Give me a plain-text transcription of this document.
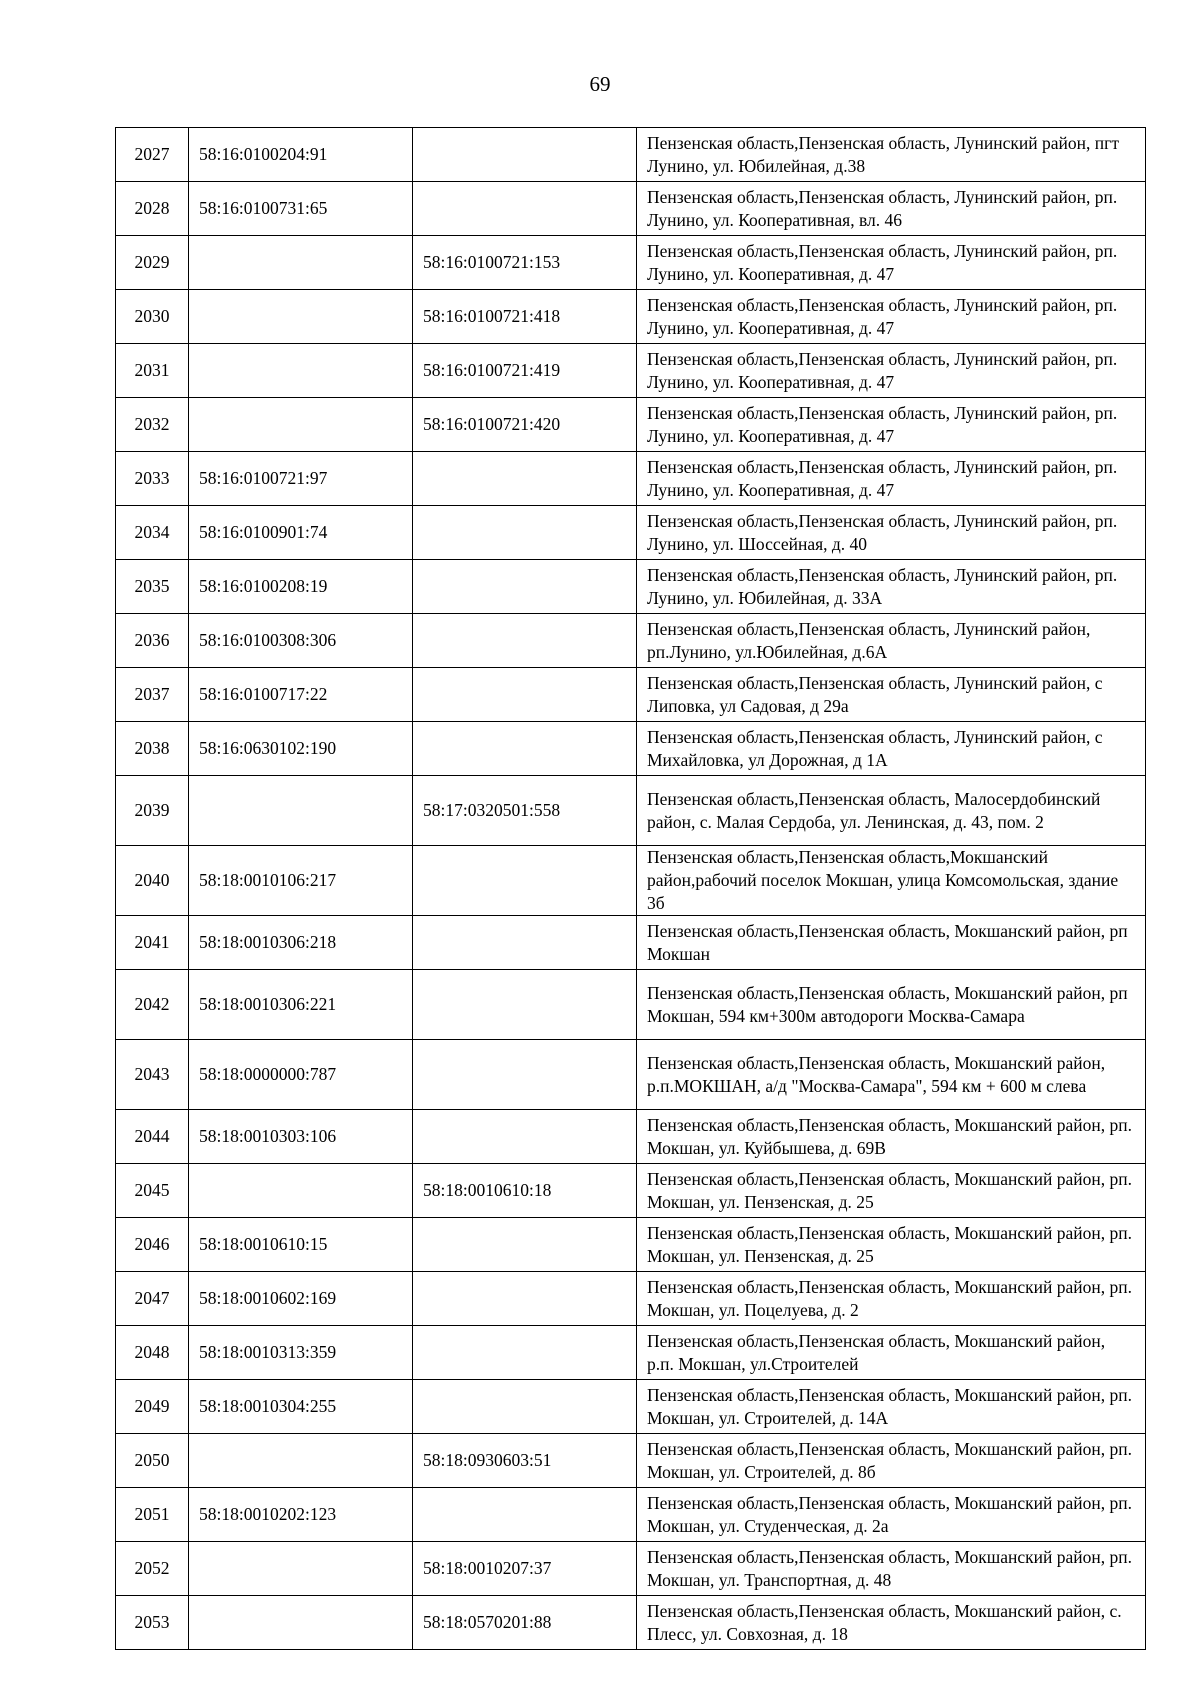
69
2027	58:16:0100204:91		Пензенская область,Пензенская область, Лунинский район, пгт Лунино, ул. Юбилейная, д.38
2028	58:16:0100731:65		Пензенская область,Пензенская область, Лунинский район, рп. Лунино, ул. Кооперативная, вл. 46
2029		58:16:0100721:153	Пензенская область,Пензенская область, Лунинский район, рп. Лунино, ул. Кооперативная, д. 47
2030		58:16:0100721:418	Пензенская область,Пензенская область, Лунинский район, рп. Лунино, ул. Кооперативная, д. 47
2031		58:16:0100721:419	Пензенская область,Пензенская область, Лунинский район, рп. Лунино, ул. Кооперативная, д. 47
2032		58:16:0100721:420	Пензенская область,Пензенская область, Лунинский район, рп. Лунино, ул. Кооперативная, д. 47
2033	58:16:0100721:97		Пензенская область,Пензенская область, Лунинский район, рп. Лунино, ул. Кооперативная, д. 47
2034	58:16:0100901:74		Пензенская область,Пензенская область, Лунинский район, рп. Лунино, ул. Шоссейная, д. 40
2035	58:16:0100208:19		Пензенская область,Пензенская область, Лунинский район, рп. Лунино, ул. Юбилейная, д. 33А
2036	58:16:0100308:306		Пензенская область,Пензенская область, Лунинский район, рп.Лунино, ул.Юбилейная, д.6А
2037	58:16:0100717:22		Пензенская область,Пензенская область, Лунинский район, с Липовка, ул Садовая, д 29а
2038	58:16:0630102:190		Пензенская область,Пензенская область, Лунинский район, с Михайловка, ул Дорожная, д 1А
2039		58:17:0320501:558	Пензенская область,Пензенская область, Малосердобинский район, с. Малая Сердоба, ул. Ленинская, д. 43, пом. 2
2040	58:18:0010106:217		Пензенская область,Пензенская область,Мокшанский район,рабочий поселок Мокшан, улица Комсомольская, здание 3б
2041	58:18:0010306:218		Пензенская область,Пензенская область, Мокшанский район, рп Мокшан
2042	58:18:0010306:221		Пензенская область,Пензенская область, Мокшанский район, рп Мокшан, 594 км+300м автодороги Москва-Самара
2043	58:18:0000000:787		Пензенская область,Пензенская область, Мокшанский район, р.п.МОКШАН, а/д "Москва-Самара", 594 км + 600 м слева
2044	58:18:0010303:106		Пензенская область,Пензенская область, Мокшанский район, рп. Мокшан, ул. Куйбышева, д. 69В
2045		58:18:0010610:18	Пензенская область,Пензенская область, Мокшанский район, рп. Мокшан, ул. Пензенская, д. 25
2046	58:18:0010610:15		Пензенская область,Пензенская область, Мокшанский район, рп. Мокшан, ул. Пензенская, д. 25
2047	58:18:0010602:169		Пензенская область,Пензенская область, Мокшанский район, рп. Мокшан, ул. Поцелуева, д. 2
2048	58:18:0010313:359		Пензенская область,Пензенская область, Мокшанский район, р.п. Мокшан, ул.Строителей
2049	58:18:0010304:255		Пензенская область,Пензенская область, Мокшанский район, рп. Мокшан, ул. Строителей, д. 14А
2050		58:18:0930603:51	Пензенская область,Пензенская область, Мокшанский район, рп. Мокшан, ул. Строителей, д. 8б
2051	58:18:0010202:123		Пензенская область,Пензенская область, Мокшанский район, рп. Мокшан, ул. Студенческая, д. 2а
2052		58:18:0010207:37	Пензенская область,Пензенская область, Мокшанский район, рп. Мокшан, ул. Транспортная, д. 48
2053		58:18:0570201:88	Пензенская область,Пензенская область, Мокшанский район, с. Плесс, ул. Совхозная, д. 18
